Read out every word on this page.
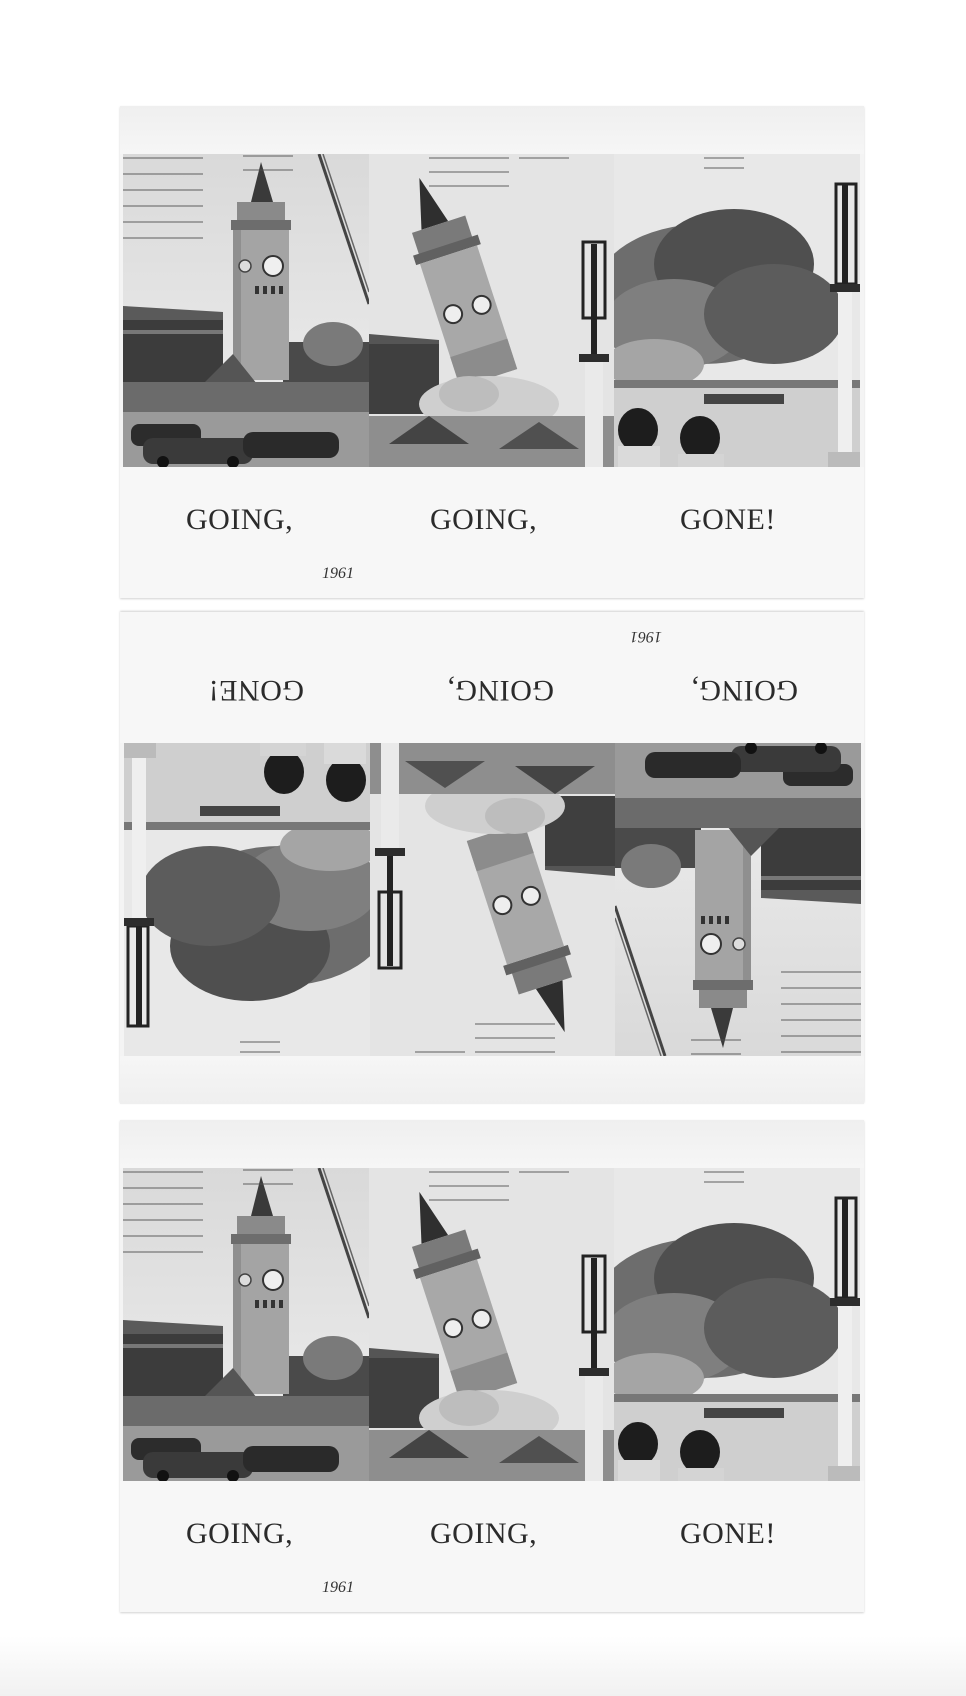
GOING,	GOING,	GONE!
1961
GOING,
GOING,
GONE!
1961
GOING,	GOING,	GONE!
1961
